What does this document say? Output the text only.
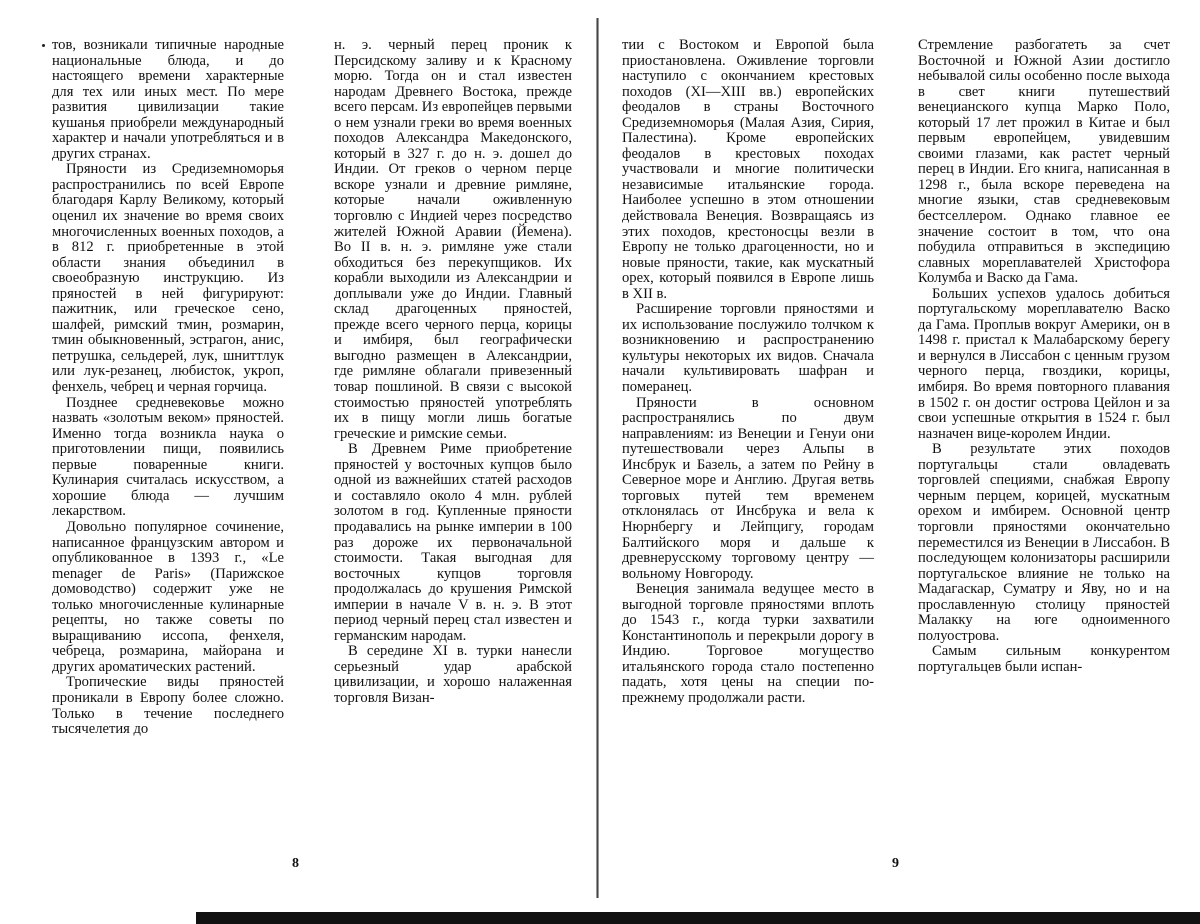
тов, возникали типичные народные национальные блюда, и до настоящего времени характерные для тех или иных мест. По мере развития цивилизации такие кушанья приобрели международный характер и начали употребляться и в других странах.

Пряности из Средиземноморья распространились по всей Европе благодаря Карлу Великому, который оценил их значение во время своих многочисленных военных походов, а в 812 г. приобретенные в этой области знания объединил в своеобразную инструкцию. Из пряностей в ней фигурируют: пажитник, или греческое сено, шалфей, римский тмин, розмарин, тмин обыкновенный, эстрагон, анис, петрушка, сельдерей, лук, шниттлук или лук-резанец, любисток, укроп, фенхель, чебрец и черная горчица.

Позднее средневековье можно назвать «золотым веком» пряностей. Именно тогда возникла наука о приготовлении пищи, появились первые поваренные книги. Кулинария считалась искусством, а хорошие блюда — лучшим лекарством.

Довольно популярное сочинение, написанное французским автором и опубликованное в 1393 г., «Le menager de Paris» (Парижское домоводство) содержит уже не только многочисленные кулинарные рецепты, но также советы по выращиванию иссопа, фенхеля, чебреца, розмарина, майорана и других ароматических растений.

Тропические виды пряностей проникали в Европу более сложно. Только в течение последнего тысячелетия до

н. э. черный перец проник к Персидскому заливу и к Красному морю. Тогда он и стал известен народам Древнего Востока, прежде всего персам. Из европейцев первыми о нем узнали греки во время военных походов Александра Македонского, который в 327 г. до н. э. дошел до Индии. От греков о черном перце вскоре узнали и древние римляне, которые начали оживленную торговлю с Индией через посредство жителей Южной Аравии (Йемена). Во II в. н. э. римляне уже стали обходиться без перекупщиков. Их корабли выходили из Александрии и доплывали уже до Индии. Главный склад драгоценных пряностей, прежде всего черного перца, корицы и имбиря, был географически выгодно размещен в Александрии, где римляне облагали привезенный товар пошлиной. В связи с высокой стоимостью пряностей употреблять их в пищу могли лишь богатые греческие и римские семьи.

В Древнем Риме приобретение пряностей у восточных купцов было одной из важнейших статей расходов и составляло около 4 млн. рублей золотом в год. Купленные пряности продавались на рынке империи в 100 раз дороже их первоначальной стоимости. Такая выгодная для восточных купцов торговля продолжалась до крушения Римской империи в начале V в. н. э. В этот период черный перец стал известен и германским народам.

В середине XI в. турки нанесли серьезный удар арабской цивилизации, и хорошо налаженная торговля Визан-

тии с Востоком и Европой была приостановлена. Оживление торговли наступило с окончанием крестовых походов (XI—XIII вв.) европейских феодалов в страны Восточного Средиземноморья (Малая Азия, Сирия, Палестина). Кроме европейских феодалов в крестовых походах участвовали и многие политически независимые итальянские города. Наиболее успешно в этом отношении действовала Венеция. Возвращаясь из этих походов, крестоносцы везли в Европу не только драгоценности, но и новые пряности, такие, как мускатный орех, который появился в Европе лишь в XII в.

Расширение торговли пряностями и их использование послужило толчком к возникновению и распространению культуры некоторых их видов. Сначала начали культивировать шафран и померанец.

Пряности в основном распространялись по двум направлениям: из Венеции и Генуи они путешествовали через Альпы в Инсбрук и Базель, а затем по Рейну в Северное море и Англию. Другая ветвь торговых путей тем временем отклонялась от Инсбрука и вела к Нюрнбергу и Лейпцигу, городам Балтийского моря и дальше к древнерусскому торговому центру — вольному Новгороду.

Венеция занимала ведущее место в выгодной торговле пряностями вплоть до 1543 г., когда турки захватили Константинополь и перекрыли дорогу в Индию. Торговое могущество итальянского города стало постепенно падать, хотя цены на специи по-прежнему продолжали расти.

Стремление разбогатеть за счет Восточной и Южной Азии достигло небывалой силы особенно после выхода в свет книги путешествий венецианского купца Марко Поло, который 17 лет прожил в Китае и был первым европейцем, увидевшим своими глазами, как растет черный перец в Индии. Его книга, написанная в 1298 г., была вскоре переведена на многие языки, став средневековым бестселлером. Однако главное ее значение состоит в том, что она побудила отправиться в экспедицию славных мореплавателей Христофора Колумба и Васко да Гама.

Больших успехов удалось добиться португальскому мореплавателю Васко да Гама. Проплыв вокруг Америки, он в 1498 г. пристал к Малабарскому берегу и вернулся в Лиссабон с ценным грузом черного перца, гвоздики, корицы, имбиря. Во время повторного плавания в 1502 г. он достиг острова Цейлон и за свои успешные открытия в 1524 г. был назначен вице-королем Индии.

В результате этих походов португальцы стали овладевать торговлей специями, снабжая Европу черным перцем, корицей, мускатным орехом и имбирем. Основной центр торговли пряностями окончательно переместился из Венеции в Лиссабон. В последующем колонизаторы расширили португальское влияние не только на Мадагаскар, Суматру и Яву, но и на прославленную столицу пряностей Малакку на юге одноименного полуострова.

Самым сильным конкурентом португальцев были испан-

8	9
